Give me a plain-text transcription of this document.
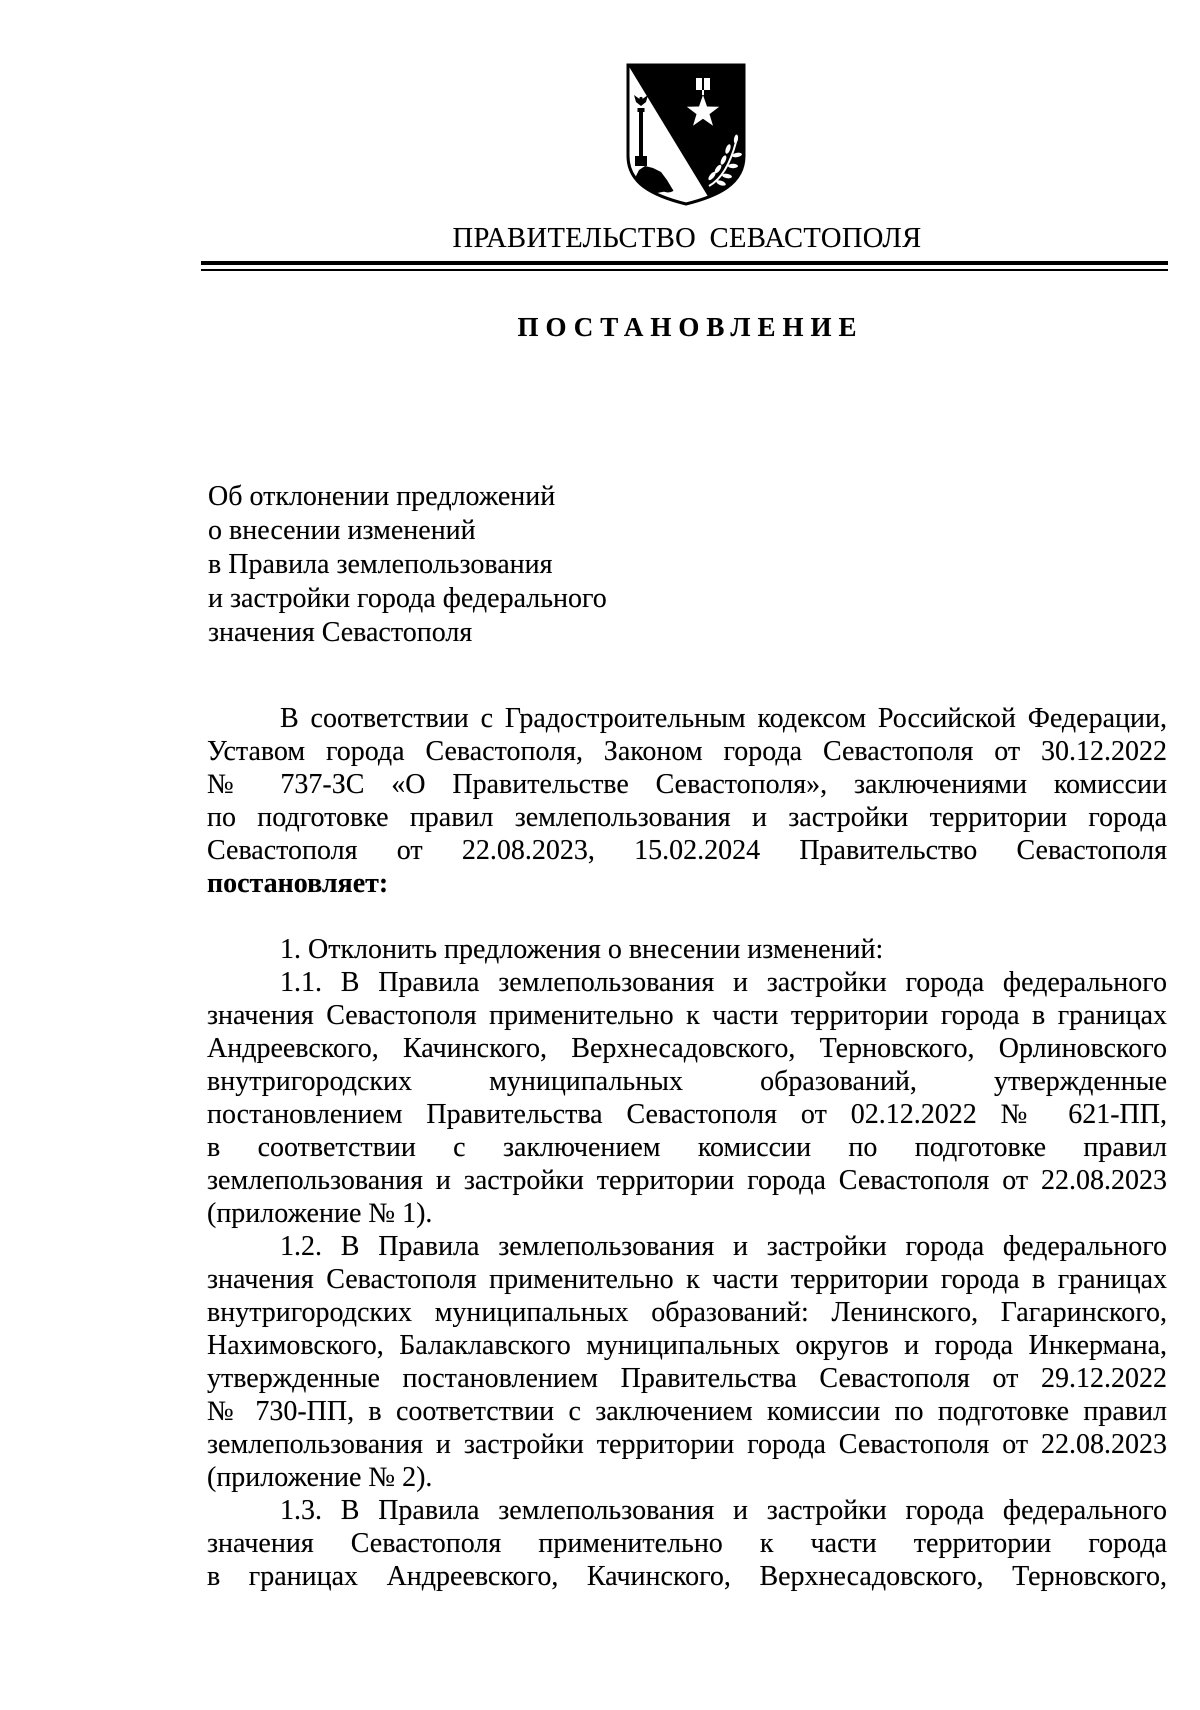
ПРАВИТЕЛЬСТВО СЕВАСТОПОЛЯ
ПОСТАНОВЛЕНИЕ
Об отклонении предложений
о внесении изменений
в Правила землепользования
и застройки города федерального
значения Севастополя
В соответствии с Градостроительным кодексом Российской Федерации,
Уставом города Севастополя, Законом города Севастополя от 30.12.2022
№ 737-ЗС «О Правительстве Севастополя», заключениями комиссии
по подготовке правил землепользования и застройки территории города
Севастополя от 22.08.2023, 15.02.2024 Правительство Севастополя
постановляет:
1. Отклонить предложения о внесении изменений:
1.1. В Правила землепользования и застройки города федерального
значения Севастополя применительно к части территории города в границах
Андреевского, Качинского, Верхнесадовского, Терновского, Орлиновского
внутригородских муниципальных образований, утвержденные
постановлением Правительства Севастополя от 02.12.2022 № 621-ПП,
в соответствии с заключением комиссии по подготовке правил
землепользования и застройки территории города Севастополя от 22.08.2023
(приложение № 1).
1.2. В Правила землепользования и застройки города федерального
значения Севастополя применительно к части территории города в границах
внутригородских муниципальных образований: Ленинского, Гагаринского,
Нахимовского, Балаклавского муниципальных округов и города Инкермана,
утвержденные постановлением Правительства Севастополя от 29.12.2022
№ 730-ПП, в соответствии с заключением комиссии по подготовке правил
землепользования и застройки территории города Севастополя от 22.08.2023
(приложение № 2).
1.3. В Правила землепользования и застройки города федерального
значения Севастополя применительно к части территории города
в границах Андреевского, Качинского, Верхнесадовского, Терновского,
